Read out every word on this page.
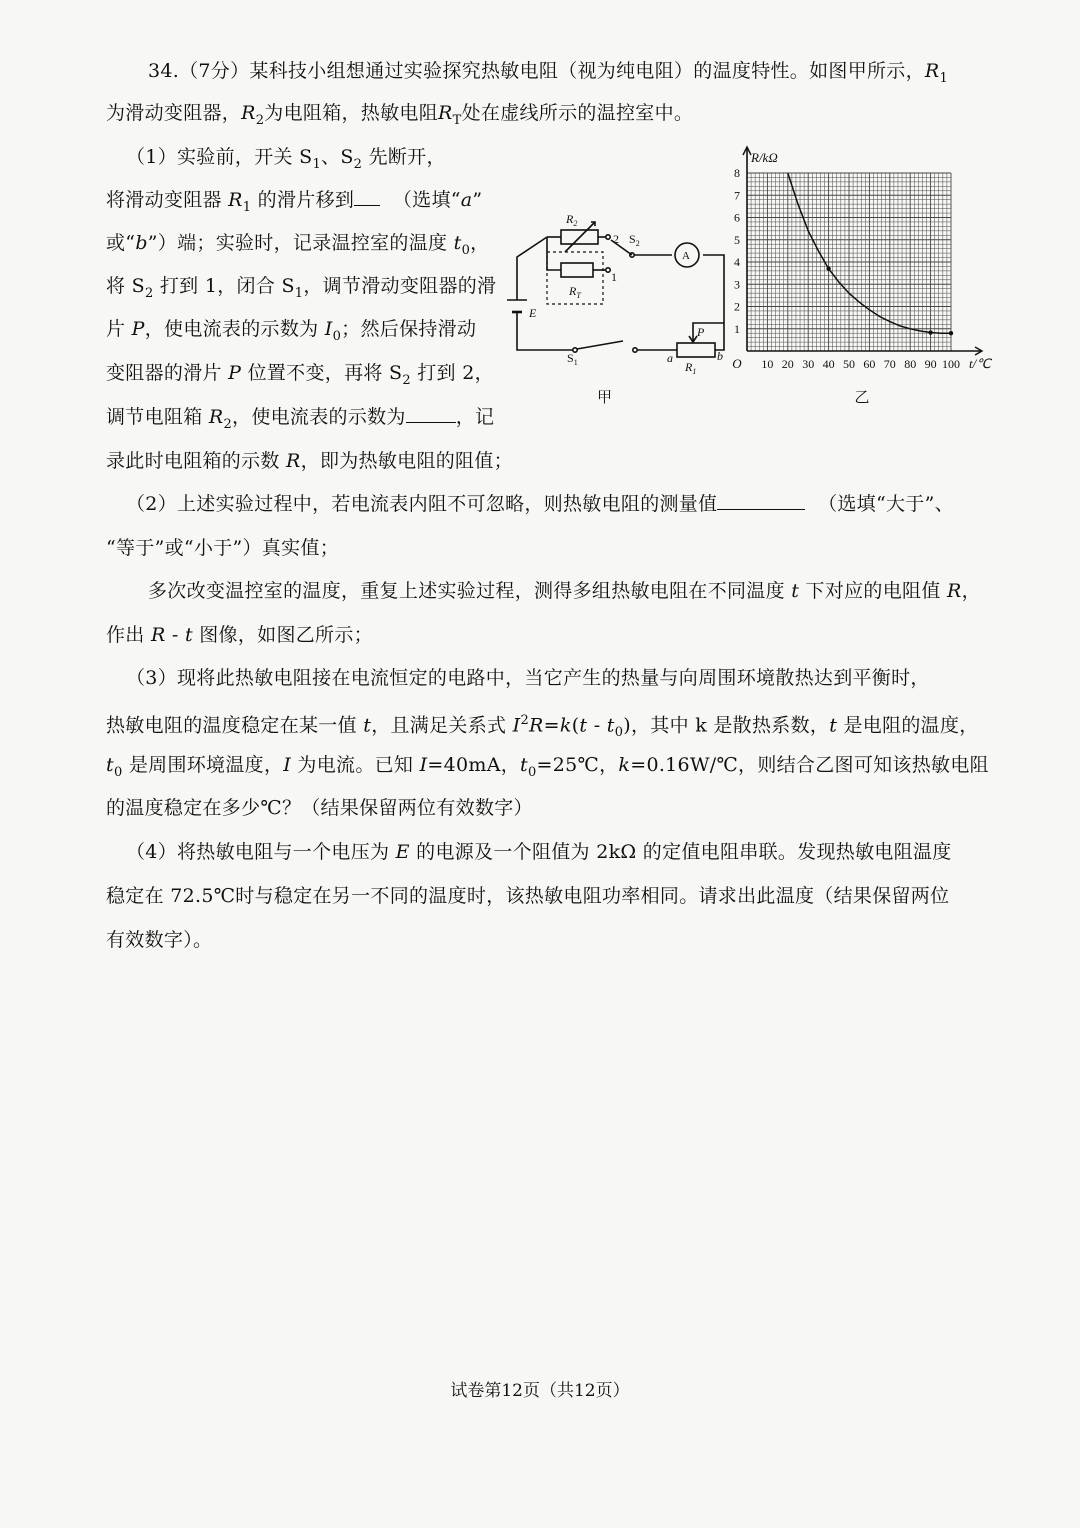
34.（7分）某科技小组想通过实验探究热敏电阻（视为纯电阻）的温度特性。如图甲所示，$R_1$
为滑动变阻器，$R_2$为电阻箱，热敏电阻$R_T$处在虚线所示的温控室中。
（1）实验前，开关 $S_1$、$S_2$ 先断开，
将滑动变阻器 $R_1$ 的滑片移到 （选填“a”
或“b”）端；实验时，记录温控室的温度 $t_0$，
将 $S_2$ 打到 1，闭合 $S_1$，调节滑动变阻器的滑
片 P，使电流表的示数为 $I_0$；然后保持滑动
变阻器的滑片 P 位置不变，再将 $S_2$ 打到 2，
调节电阻箱 $R_2$，使电流表的示数为	，记
录此时电阻箱的示数 R，即为热敏电阻的阻值；
（2）上述实验过程中，若电流表内阻不可忽略，则热敏电阻的测量值	（选填“大于”、
“等于”或“小于”）真实值；
多次改变温控室的温度，重复上述实验过程，测得多组热敏电阻在不同温度 t 下对应的电阻值 R，
作出 R - t 图像，如图乙所示；
（3）现将此热敏电阻接在电流恒定的电路中，当它产生的热量与向周围环境散热达到平衡时，
热敏电阻的温度稳定在某一值 t，且满足关系式 $I^2R=k(t - t_0)$，其中 k 是散热系数，t 是电阻的温度，
$t_0$ 是周围环境温度，I 为电流。已知 I=40mA，$t_0=25℃$，k=0.16W/℃，则结合乙图可知该热敏电阻
的温度稳定在多少℃？（结果保留两位有效数字）
（4）将热敏电阻与一个电压为 E 的电源及一个阻值为 2kΩ 的定值电阻串联。发现热敏电阻温度
稳定在 72.5℃时与稳定在另一不同的温度时，该热敏电阻功率相同。请求出此温度（结果保留两位
有效数字）。
$R_2$
$R_T$
2
1
$S_2$
A
E
$S_1$
P
a	b
$R_1$
甲
10 20 30 40 50 60 70 80 90 100
1
2
3
4
5
6
7
8
O
R/kΩ
t/℃
乙
试卷第12页（共12页）
